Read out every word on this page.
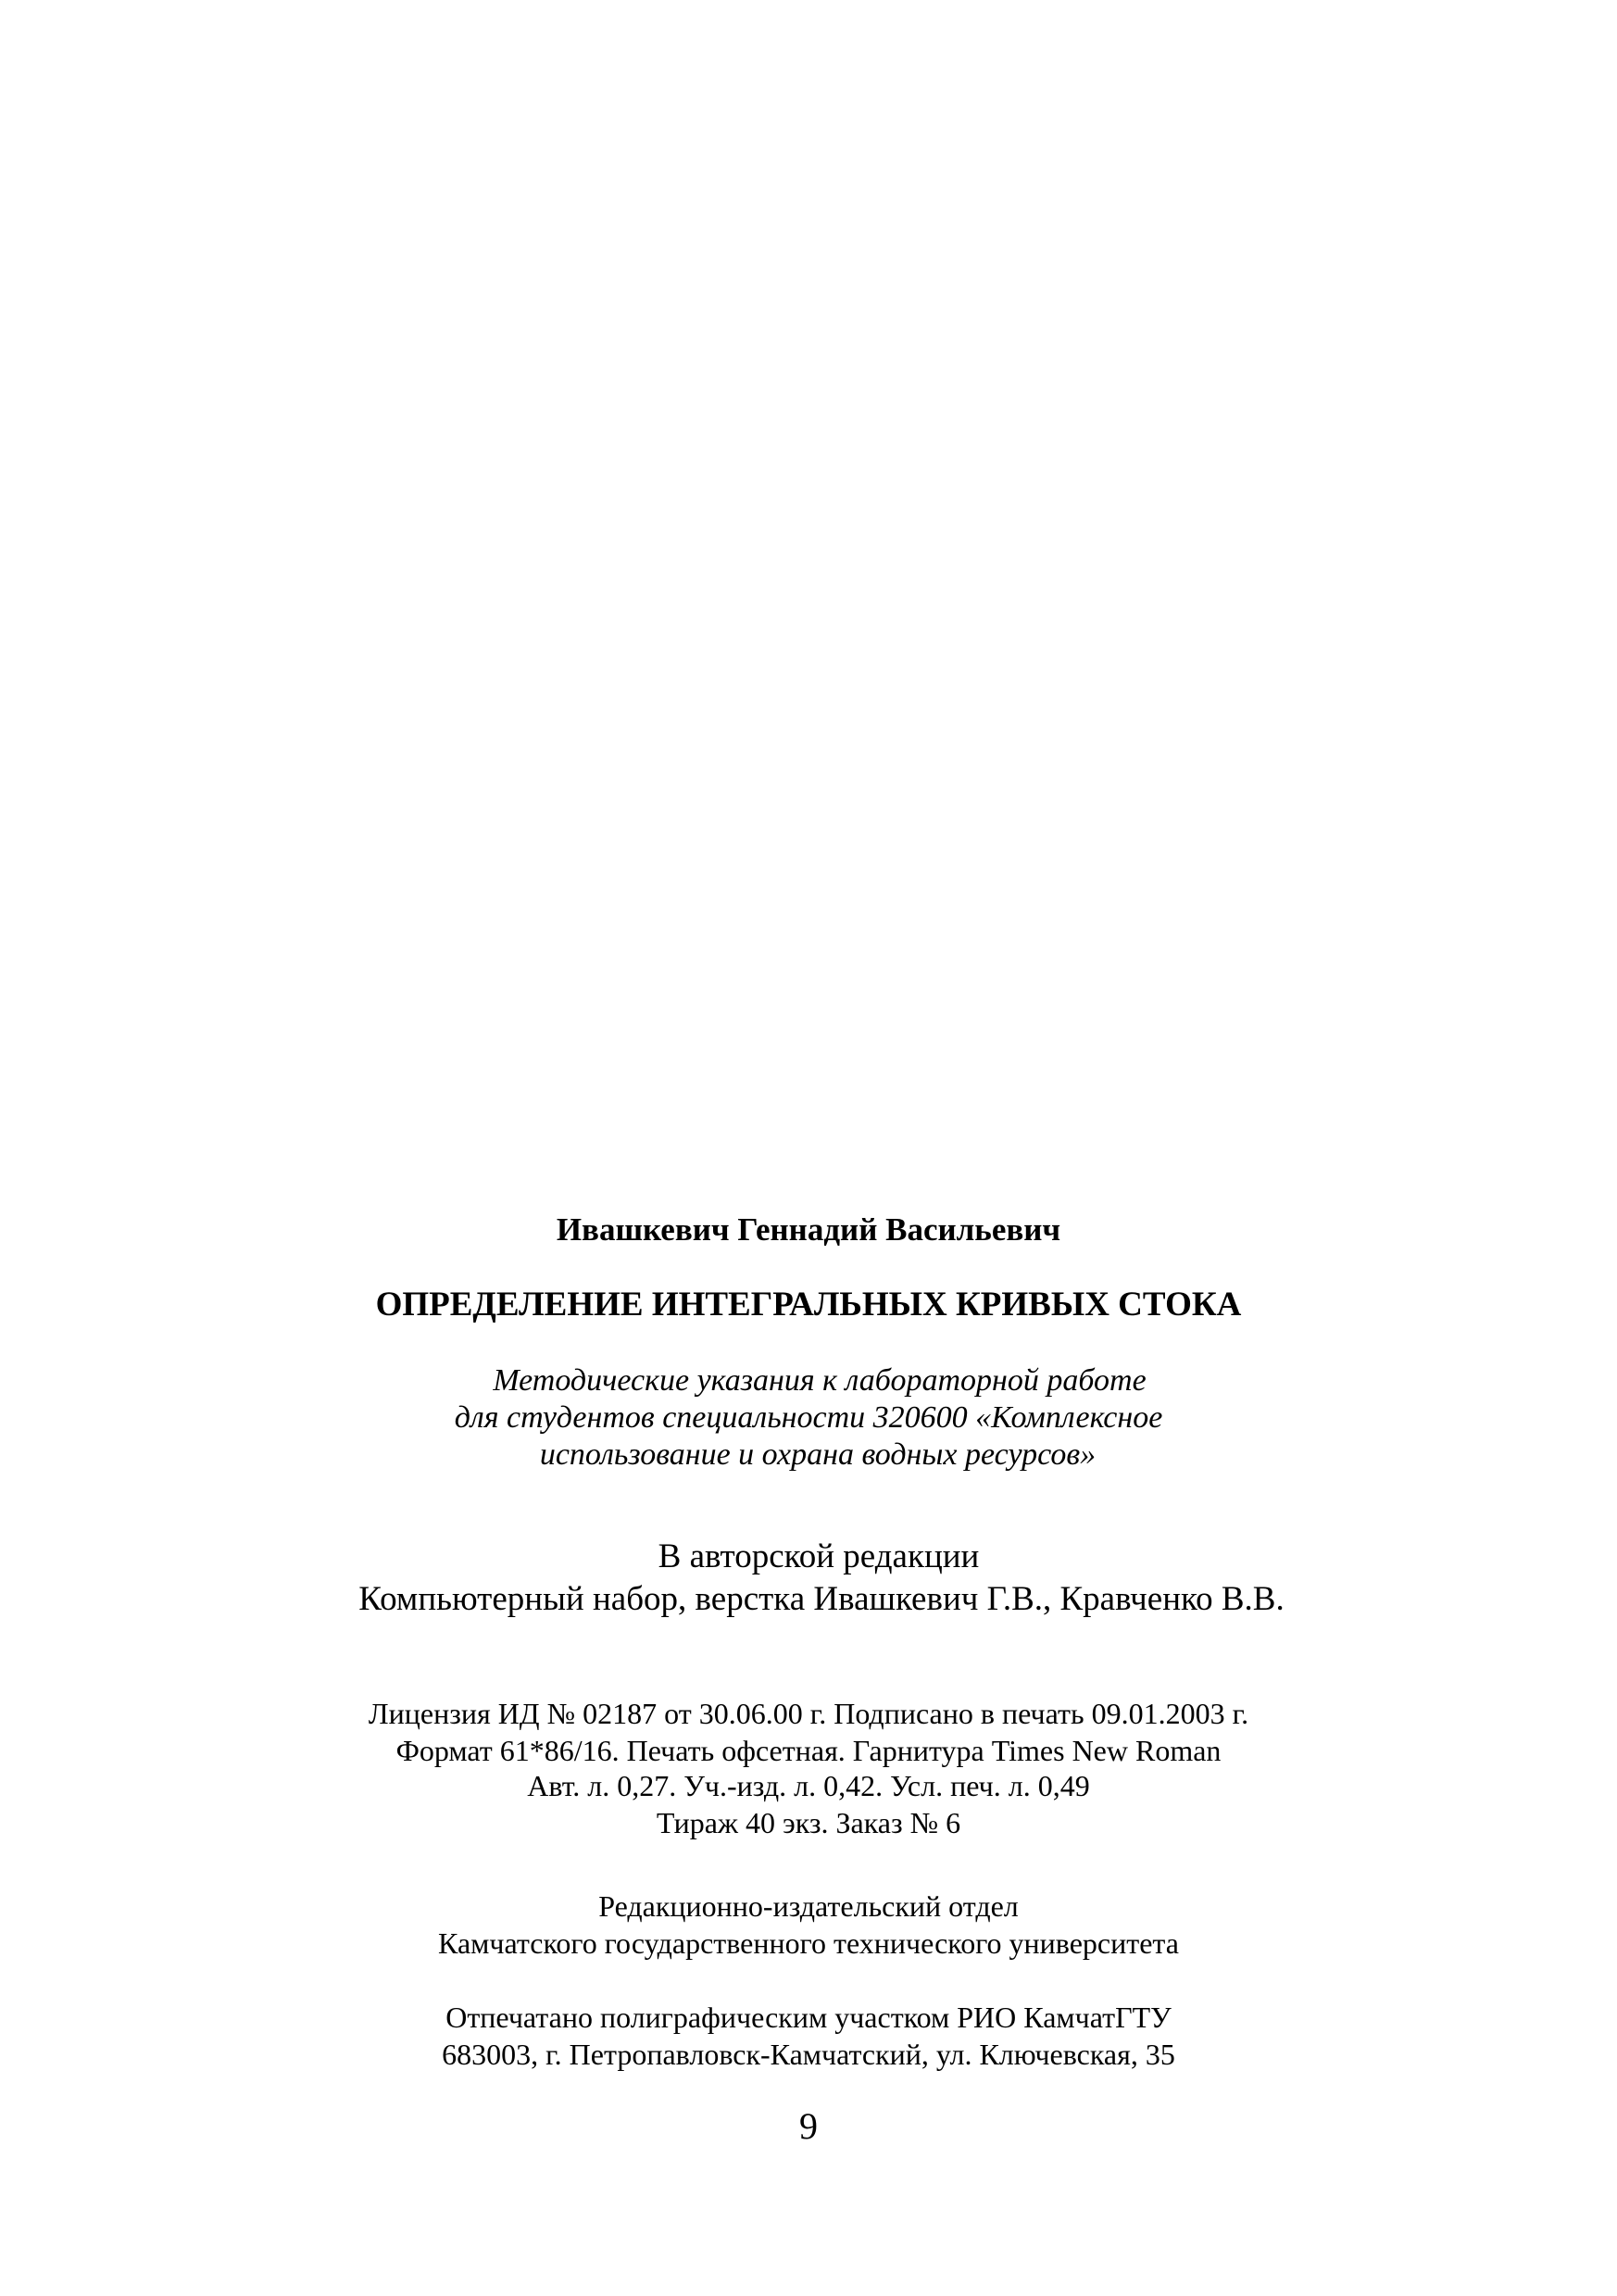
Ивашкевич Геннадий Васильевич
ОПРЕДЕЛЕНИЕ ИНТЕГРАЛЬНЫХ КРИВЫХ СТОКА
Методические указания к лабораторной работе
для студентов специальности 320600 «Комплексное
использование и охрана водных ресурсов»
В авторской редакции
Компьютерный набор, верстка Ивашкевич Г.В., Кравченко В.В.
Лицензия ИД № 02187 от 30.06.00 г. Подписано в печать 09.01.2003 г.
Формат 61*86/16. Печать офсетная. Гарнитура Times New Roman
Авт. л. 0,27. Уч.-изд. л. 0,42. Усл. печ. л. 0,49
Тираж 40 экз. Заказ № 6
Редакционно-издательский отдел
Камчатского государственного технического университета
Отпечатано полиграфическим участком РИО КамчатГТУ
683003, г. Петропавловск-Камчатский, ул. Ключевская, 35
9
